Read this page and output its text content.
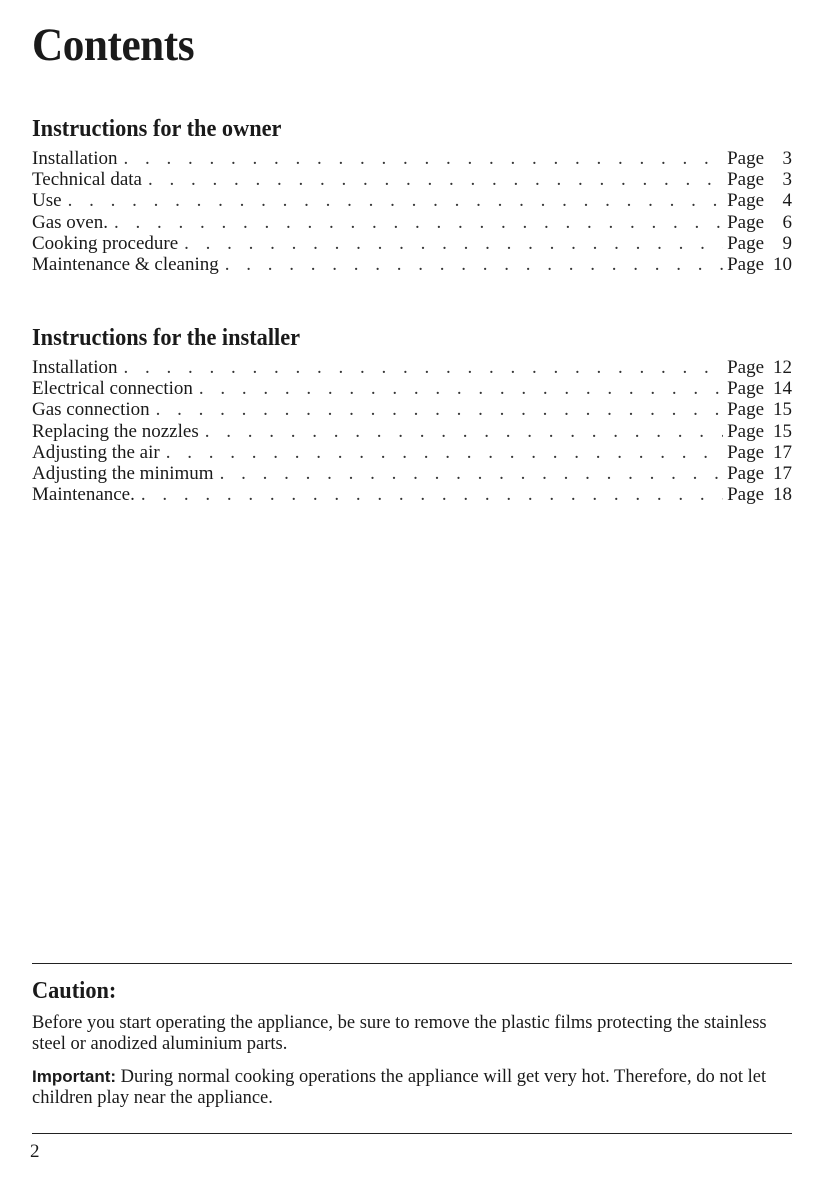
Contents
Instructions for the owner
Installation . . .	Page 3
Technical data . . .	Page 3
Use . . .	Page 4
Gas oven. . . .	Page 6
Cooking procedure . . .	Page 9
Maintenance & cleaning . . .	Page 10
Instructions for the installer
Installation . . .	Page 12
Electrical connection . . .	Page 14
Gas connection . . .	Page 15
Replacing the nozzles . . .	Page 15
Adjusting the air . . .	Page 17
Adjusting the minimum . . .	Page 17
Maintenance. . . .	Page 18
Caution:

Before you start operating the appliance, be sure to remove the plastic films protecting the stainless steel or anodized aluminium parts.

Important: During normal cooking operations the appliance will get very hot. Therefore, do not let children play near the appliance.

2
